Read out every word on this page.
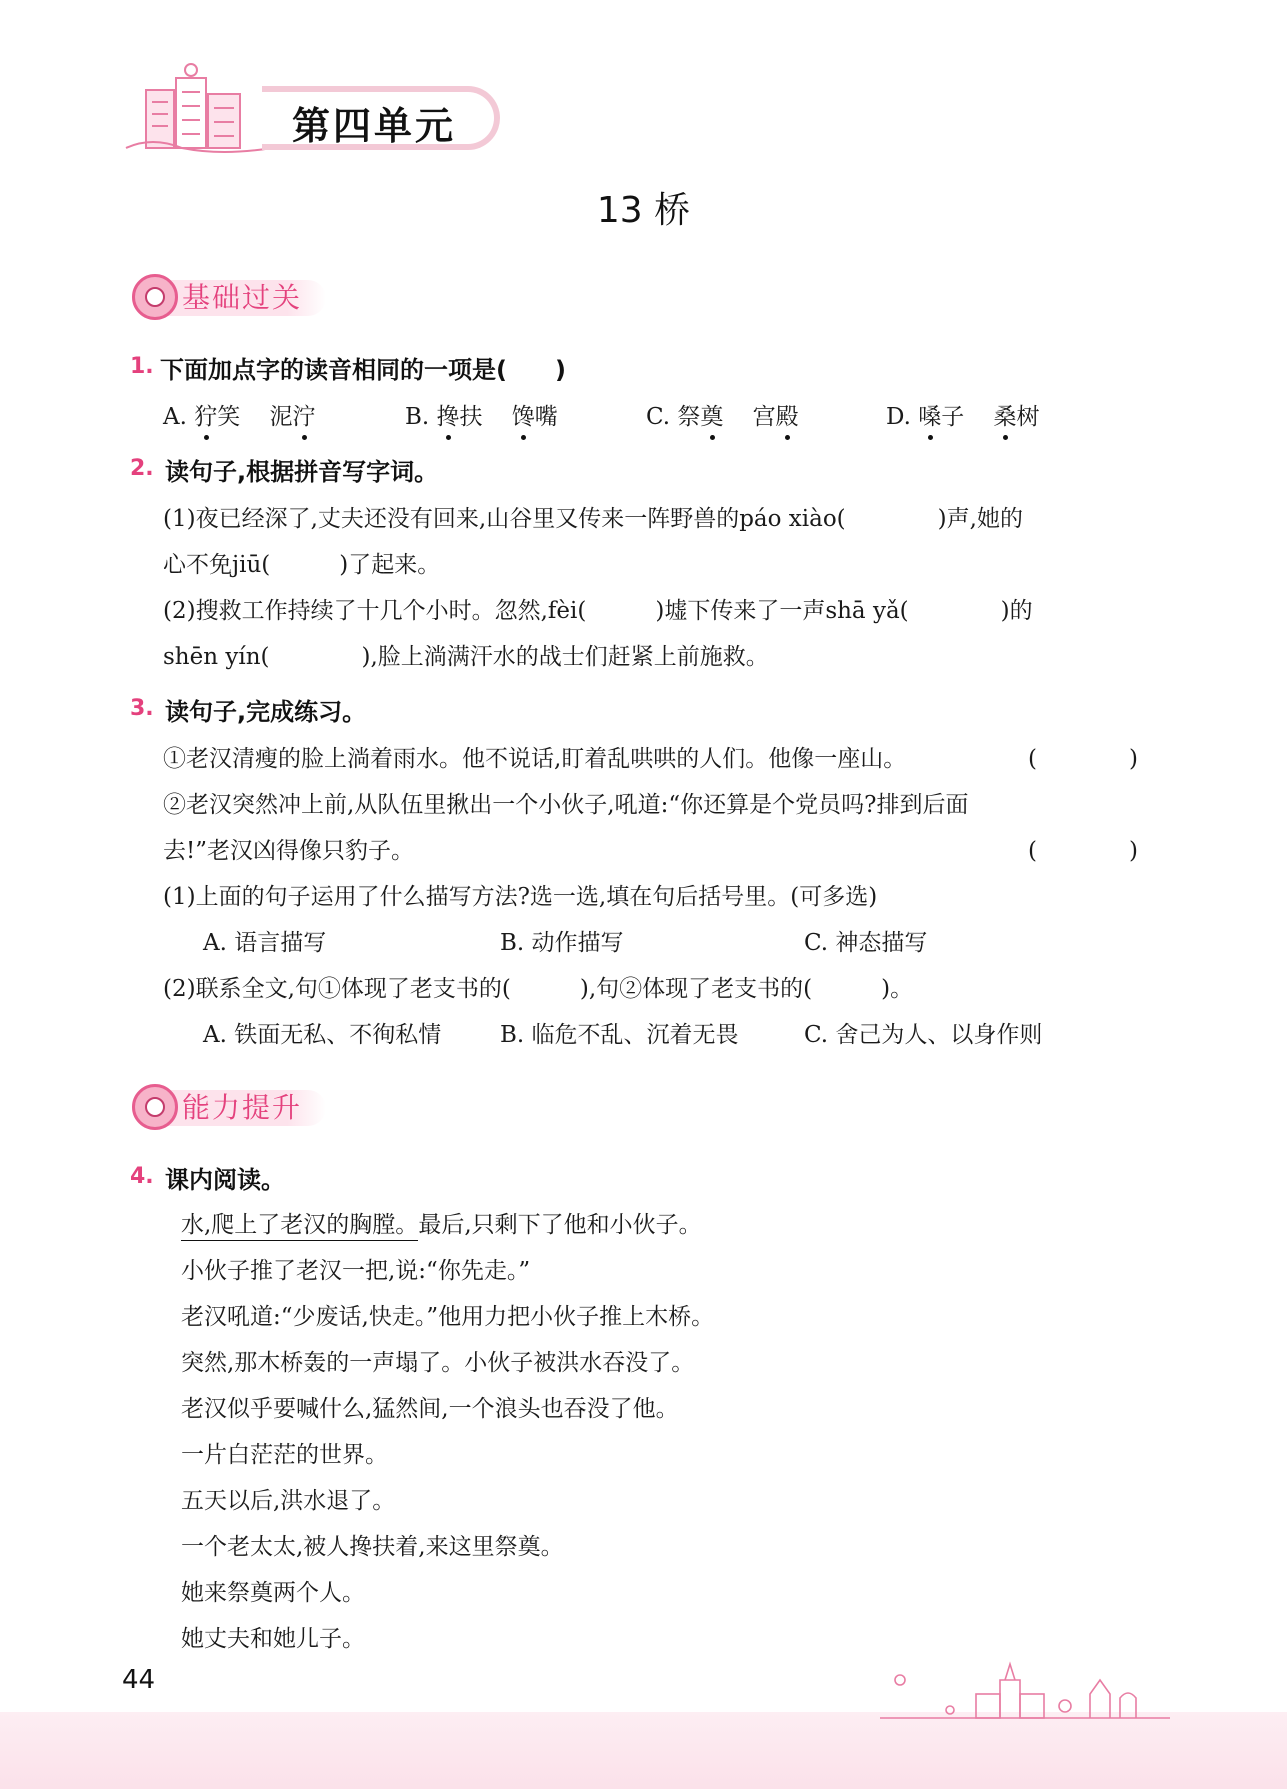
第四单元
13 桥
基础过关
1. 下面加点字的读音相同的一项是(　　)
A. 狞笑 泥泞	B. 搀扶 馋嘴	C. 祭奠 宫殿	D. 嗓子 桑树
2. 读句子,根据拼音写字词。
(1)夜已经深了,丈夫还没有回来,山谷里又传来一阵野兽的páo xiào(　　　　)声,她的
心不免jiū(　　　)了起来。
(2)搜救工作持续了十几个小时。忽然,fèi(　　　)墟下传来了一声shā yǎ(　　　　)的
shēn yín(　　　　),脸上淌满汗水的战士们赶紧上前施救。
3. 读句子,完成练习。
①老汉清瘦的脸上淌着雨水。他不说话,盯着乱哄哄的人们。他像一座山。	(　　　　)
②老汉突然冲上前,从队伍里揪出一个小伙子,吼道:“你还算是个党员吗?排到后面
去!”老汉凶得像只豹子。	(　　　　)
(1)上面的句子运用了什么描写方法?选一选,填在句后括号里。(可多选)
A. 语言描写	B. 动作描写	C. 神态描写
(2)联系全文,句①体现了老支书的(　　　),句②体现了老支书的(　　　)。
A. 铁面无私、不徇私情	B. 临危不乱、沉着无畏	C. 舍己为人、以身作则
能力提升
4. 课内阅读。
水,爬上了老汉的胸膛。最后,只剩下了他和小伙子。
小伙子推了老汉一把,说:“你先走。”
老汉吼道:“少废话,快走。”他用力把小伙子推上木桥。
突然,那木桥轰的一声塌了。小伙子被洪水吞没了。
老汉似乎要喊什么,猛然间,一个浪头也吞没了他。
一片白茫茫的世界。
五天以后,洪水退了。
一个老太太,被人搀扶着,来这里祭奠。
她来祭奠两个人。
她丈夫和她儿子。
44
